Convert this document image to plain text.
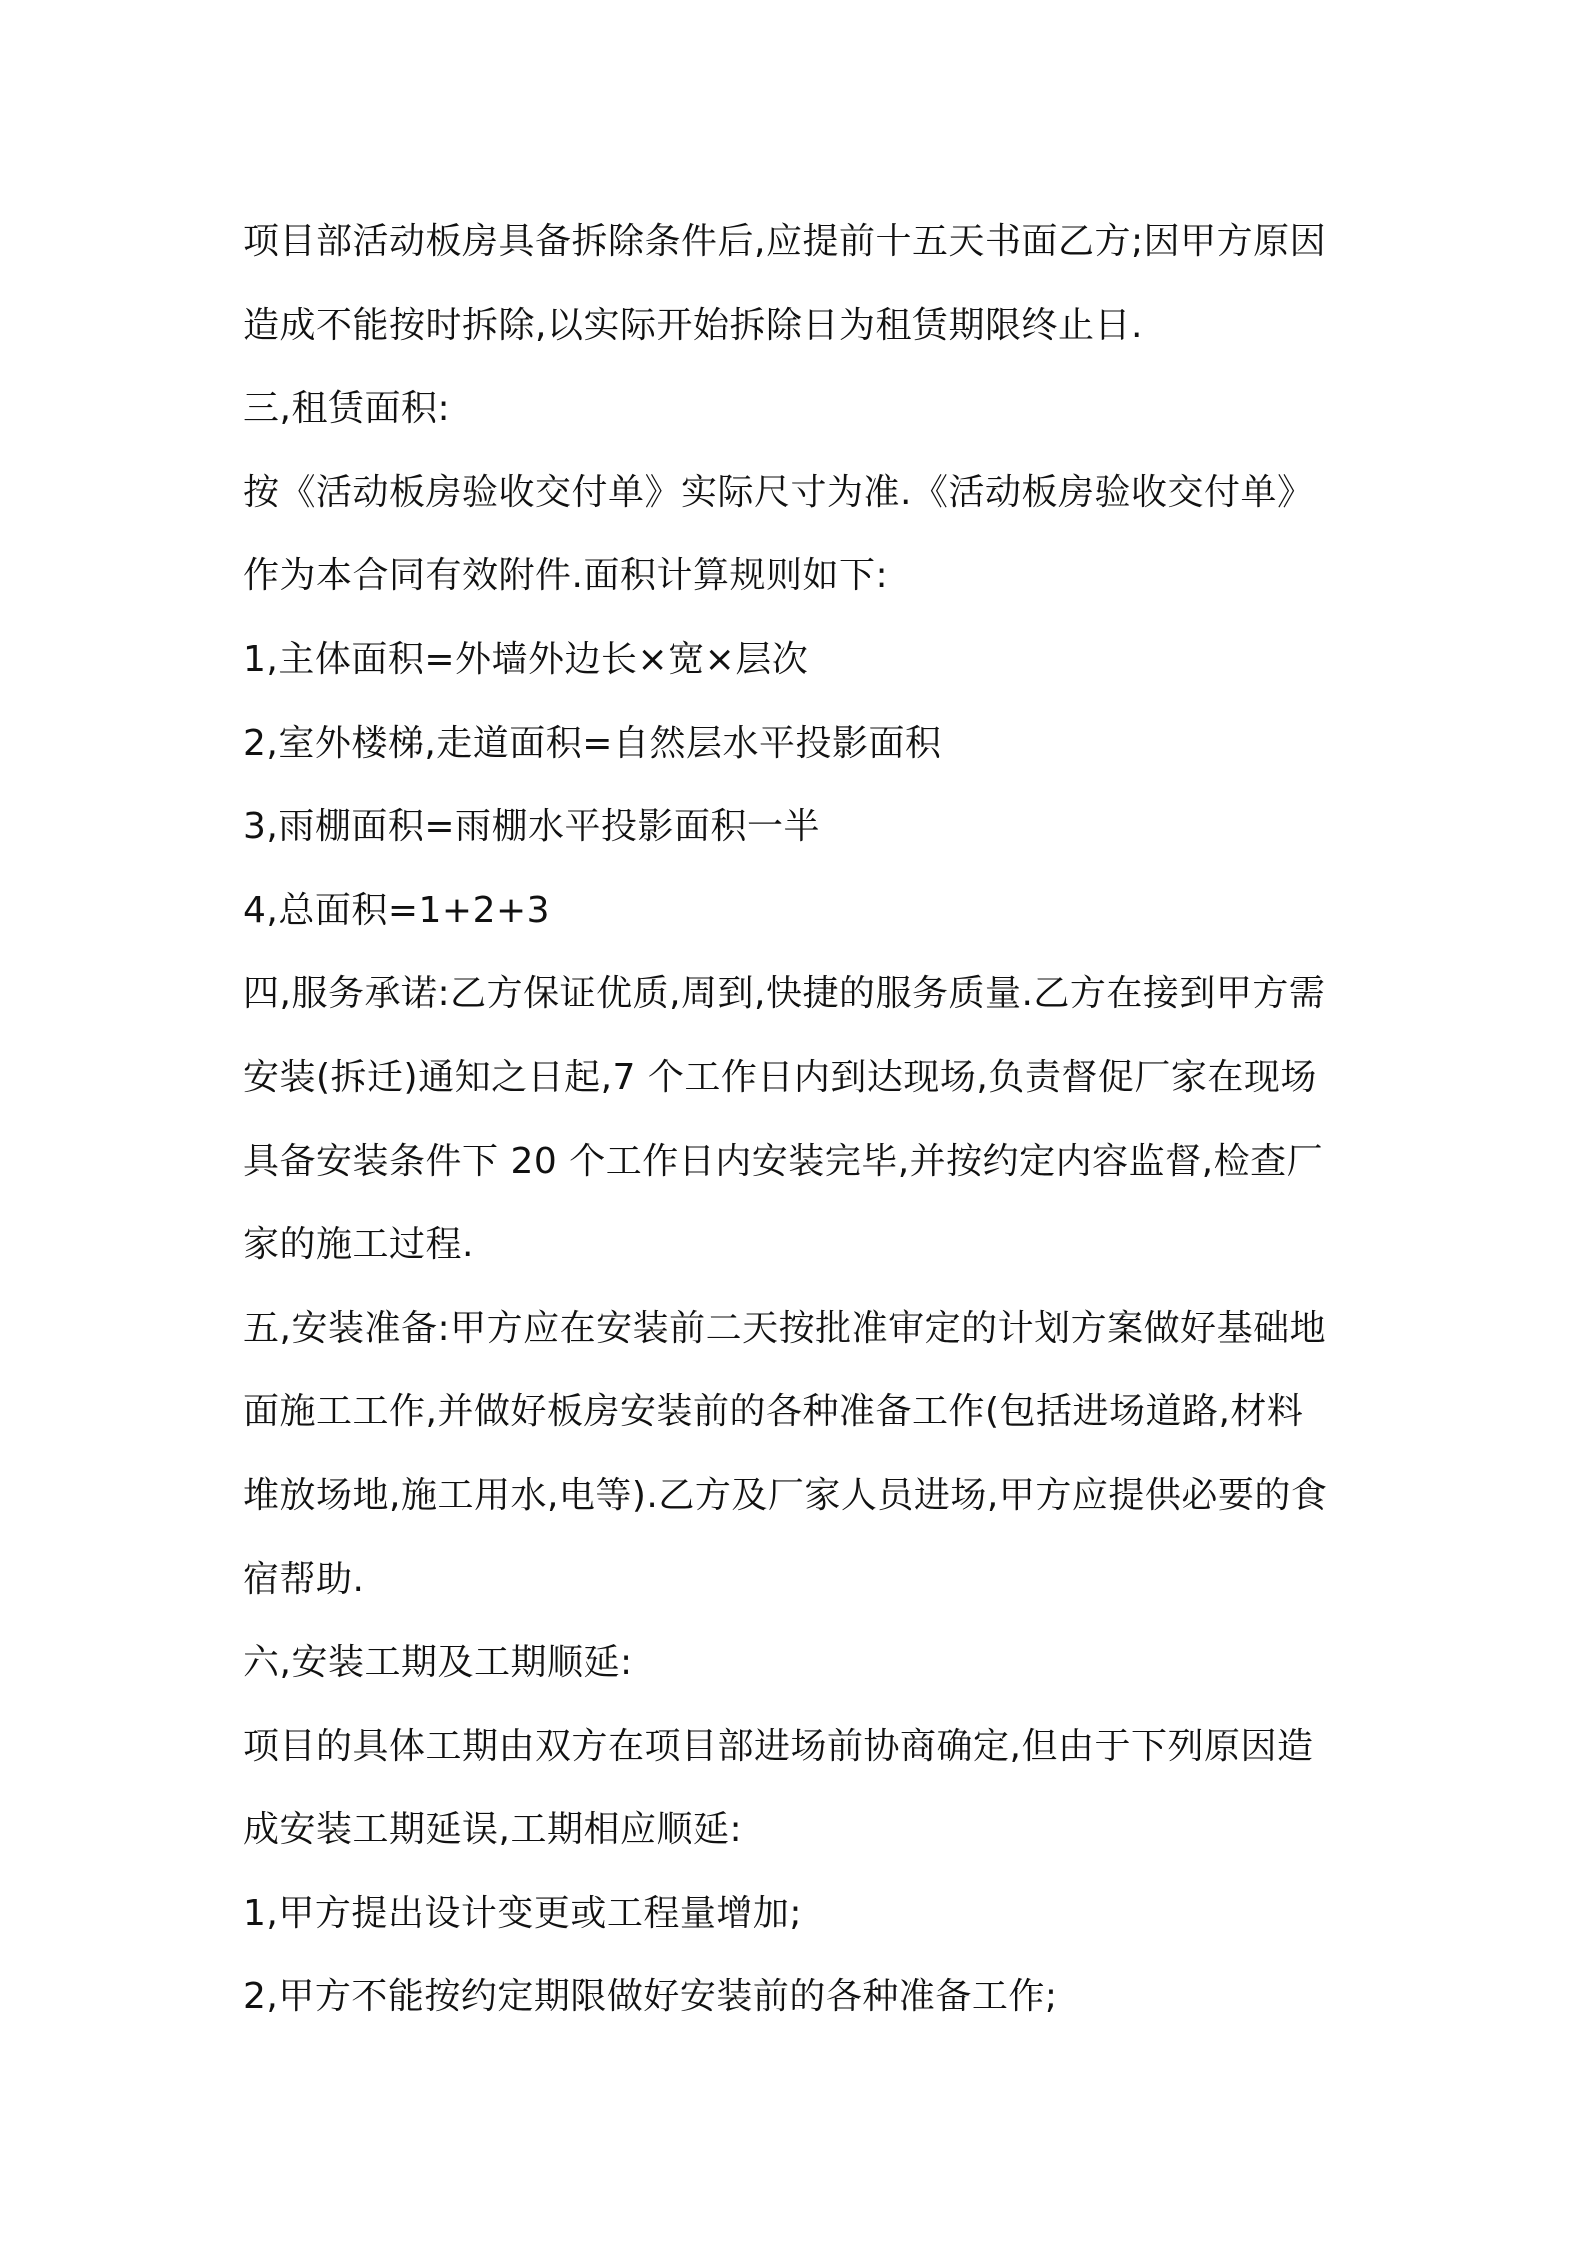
项目部活动板房具备拆除条件后,应提前十五天书面乙方;因甲方原因
造成不能按时拆除,以实际开始拆除日为租赁期限终止日.
三,租赁面积:
按《活动板房验收交付单》实际尺寸为准.《活动板房验收交付单》
作为本合同有效附件.面积计算规则如下:
1,主体面积=外墙外边长×宽×层次
2,室外楼梯,走道面积=自然层水平投影面积
3,雨棚面积=雨棚水平投影面积一半
4,总面积=1+2+3
四,服务承诺:乙方保证优质,周到,快捷的服务质量.乙方在接到甲方需
安装(拆迁)通知之日起,7 个工作日内到达现场,负责督促厂家在现场
具备安装条件下 20 个工作日内安装完毕,并按约定内容监督,检查厂
家的施工过程.
五,安装准备:甲方应在安装前二天按批准审定的计划方案做好基础地
面施工工作,并做好板房安装前的各种准备工作(包括进场道路,材料
堆放场地,施工用水,电等).乙方及厂家人员进场,甲方应提供必要的食
宿帮助.
六,安装工期及工期顺延:
项目的具体工期由双方在项目部进场前协商确定,但由于下列原因造
成安装工期延误,工期相应顺延:
1,甲方提出设计变更或工程量增加;
2,甲方不能按约定期限做好安装前的各种准备工作;
